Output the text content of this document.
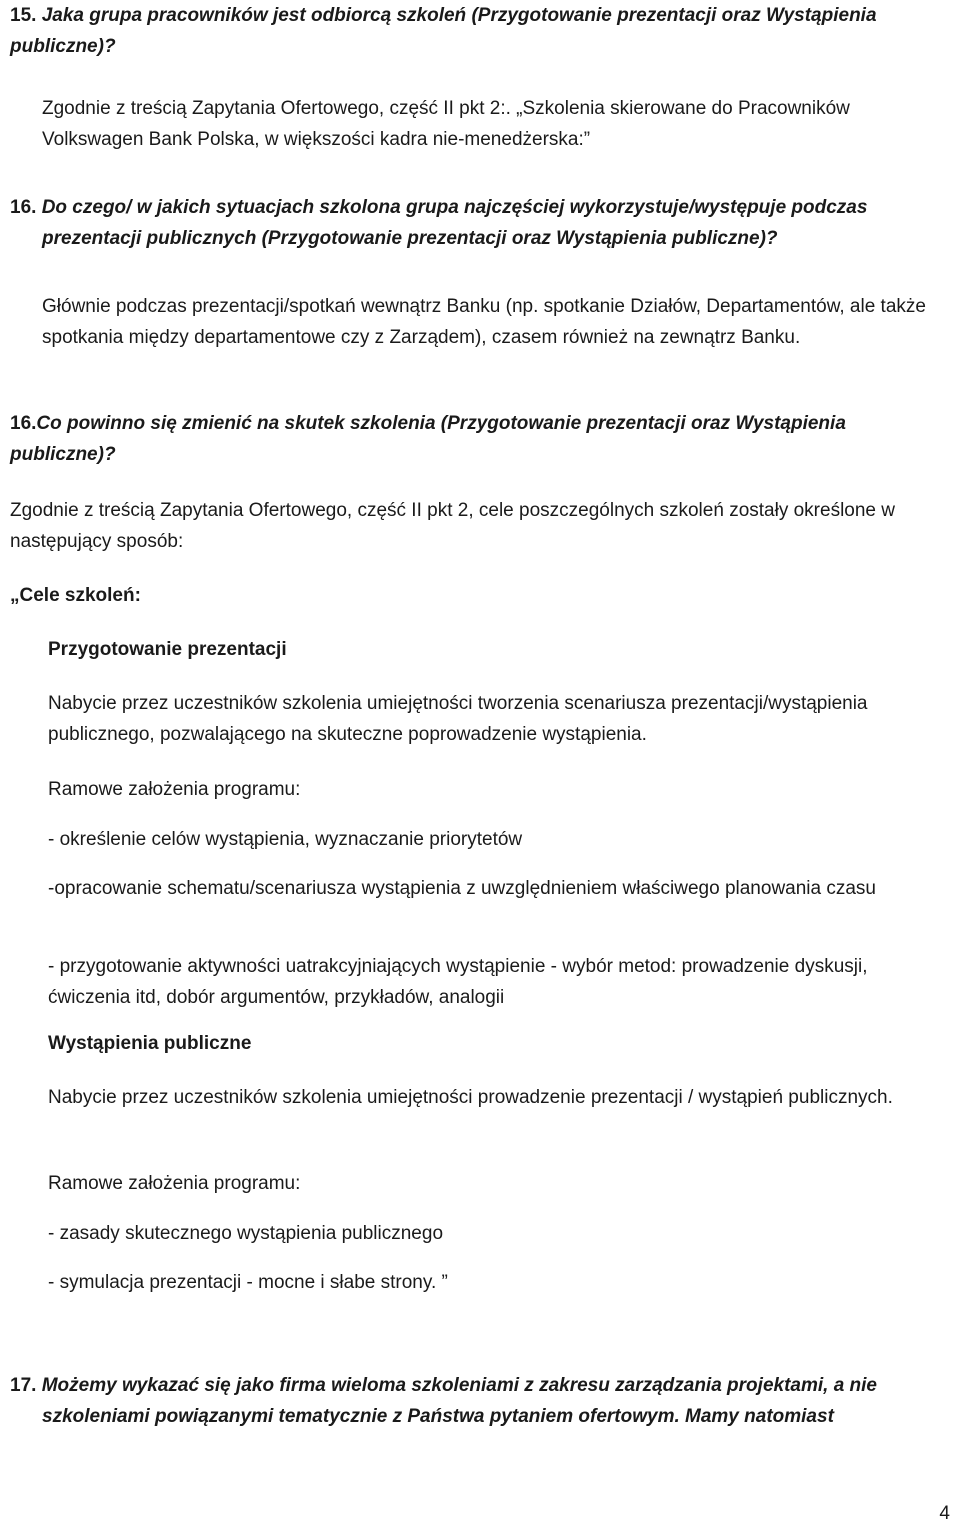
15. Jaka grupa pracowników jest odbiorcą szkoleń (Przygotowanie prezentacji oraz Wystąpienia publiczne)?
Zgodnie z treścią Zapytania Ofertowego, część II pkt 2:. „Szkolenia skierowane do Pracowników Volkswagen Bank Polska, w większości kadra nie-menedżerska:”
16. Do czego/ w jakich sytuacjach szkolona grupa najczęściej wykorzystuje/występuje podczas prezentacji publicznych (Przygotowanie prezentacji oraz Wystąpienia publiczne)?
Głównie podczas prezentacji/spotkań wewnątrz Banku (np. spotkanie Działów, Departamentów, ale także spotkania między departamentowe czy z Zarządem), czasem również na zewnątrz Banku.
16.Co powinno się zmienić na skutek szkolenia (Przygotowanie prezentacji oraz Wystąpienia publiczne)?
Zgodnie z treścią Zapytania Ofertowego, część II pkt 2, cele poszczególnych szkoleń zostały określone w następujący sposób:
„Cele szkoleń:
Przygotowanie prezentacji
Nabycie przez uczestników szkolenia umiejętności tworzenia scenariusza prezentacji/wystąpienia publicznego, pozwalającego na skuteczne poprowadzenie wystąpienia.
Ramowe założenia programu:
- określenie celów wystąpienia, wyznaczanie priorytetów
-opracowanie schematu/scenariusza wystąpienia z uwzględnieniem właściwego planowania czasu
- przygotowanie aktywności uatrakcyjniających wystąpienie - wybór metod: prowadzenie dyskusji, ćwiczenia itd, dobór argumentów, przykładów, analogii
Wystąpienia publiczne
Nabycie przez uczestników szkolenia umiejętności prowadzenie prezentacji / wystąpień publicznych.
Ramowe założenia programu:
- zasady skutecznego wystąpienia publicznego
- symulacja prezentacji - mocne i słabe strony. ”
17. Możemy wykazać się jako firma wieloma szkoleniami z zakresu zarządzania projektami, a nie szkoleniami powiązanymi tematycznie z Państwa pytaniem ofertowym. Mamy natomiast
4
